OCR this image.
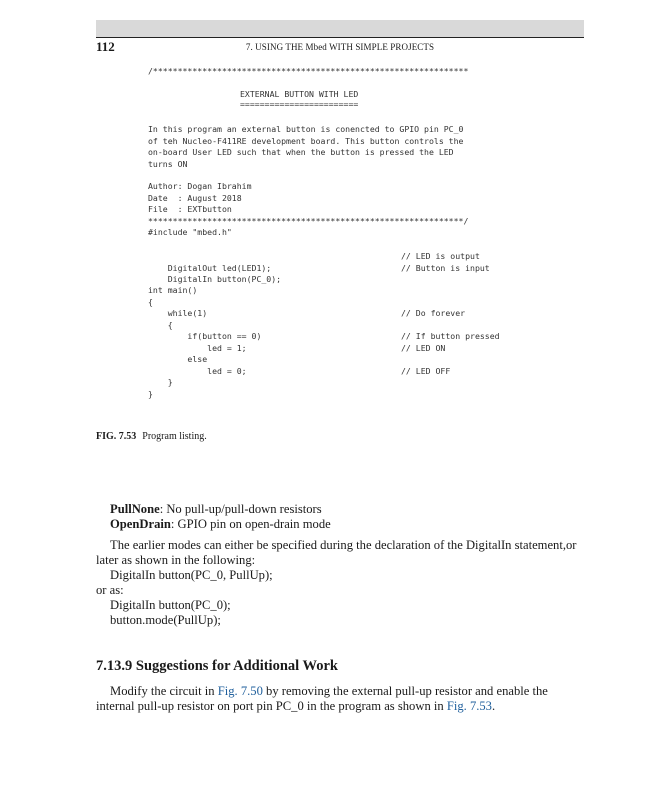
112	7. USING THE Mbed WITH SIMPLE PROJECTS
/****************************************************************
EXTERNAL BUTTON WITH LED
========================
In this program an external button is conencted to GPIO pin PC_0
of teh Nucleo-F411RE development board. This button controls the
on-board User LED such that when the button is pressed the LED
turns ON
Author: Dogan Ibrahim
Date  : August 2018
File  : EXTbutton
****************************************************************/
#include "mbed.h"

DigitalOut led(LED1);

// LED is output

DigitalIn button(PC_0);

// Button is input

int main()
{
while(1)	// Do forever
{
if(button == 0)	// If button pressed
led = 1;	// LED ON
else
led = 0;	// LED OFF
}
}
FIG. 7.53 Program listing.
PullNone: No pull-up/pull-down resistors
OpenDrain: GPIO pin on open-drain mode
The earlier modes can either be specified during the declaration of the DigitalIn statement,or later as shown in the following:
DigitalIn button(PC_0, PullUp);
or as:
DigitalIn button(PC_0);
button.mode(PullUp);
7.13.9 Suggestions for Additional Work
Modify the circuit in Fig. 7.50 by removing the external pull-up resistor and enable the internal pull-up resistor on port pin PC_0 in the program as shown in Fig. 7.53.
